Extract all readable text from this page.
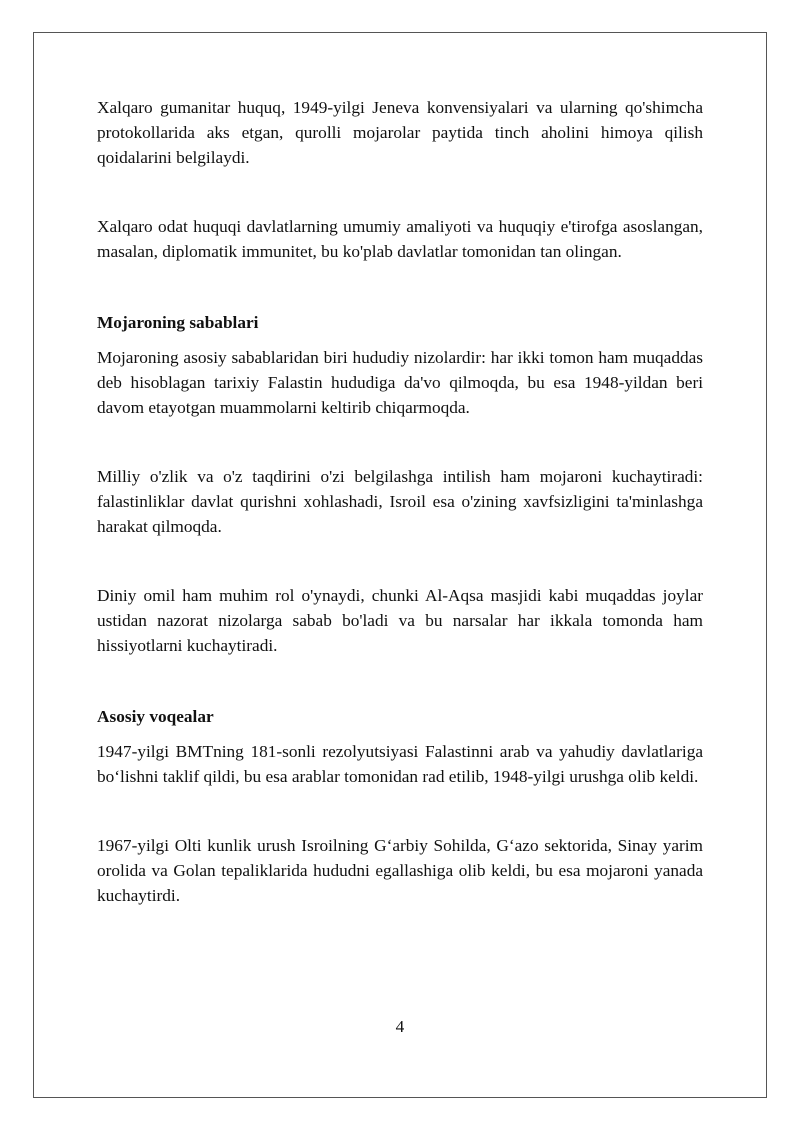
Xalqaro gumanitar huquq, 1949-yilgi Jeneva konvensiyalari va ularning qo'shimcha protokollarida aks etgan, qurolli mojarolar paytida tinch aholini himoya qilish qoidalarini belgilaydi.

Xalqaro odat huquqi davlatlarning umumiy amaliyoti va huquqiy e'tirofga asoslangan, masalan, diplomatik immunitet, bu ko'plab davlatlar tomonidan tan olingan.

Mojaroning sabablari

Mojaroning asosiy sabablaridan biri hududiy nizolardir: har ikki tomon ham muqaddas deb hisoblagan tarixiy Falastin hududiga da'vo qilmoqda, bu esa 1948-yildan beri davom etayotgan muammolarni keltirib chiqarmoqda.

Milliy o'zlik va o'z taqdirini o'zi belgilashga intilish ham mojaroni kuchaytiradi: falastinliklar davlat qurishni xohlashadi, Isroil esa o'zining xavfsizligini ta'minlashga harakat qilmoqda.

Diniy omil ham muhim rol o'ynaydi, chunki Al-Aqsa masjidi kabi muqaddas joylar ustidan nazorat nizolarga sabab bo'ladi va bu narsalar har ikkala tomonda ham hissiyotlarni kuchaytiradi.

Asosiy voqealar

1947-yilgi BMTning 181-sonli rezolyutsiyasi Falastinni arab va yahudiy davlatlariga bo‘lishni taklif qildi, bu esa arablar tomonidan rad etilib, 1948-yilgi urushga olib keldi.

1967-yilgi Olti kunlik urush Isroilning G‘arbiy Sohilda, G‘azo sektorida, Sinay yarim orolida va Golan tepaliklarida hududni egallashiga olib keldi, bu esa mojaroni yanada kuchaytirdi.

4
